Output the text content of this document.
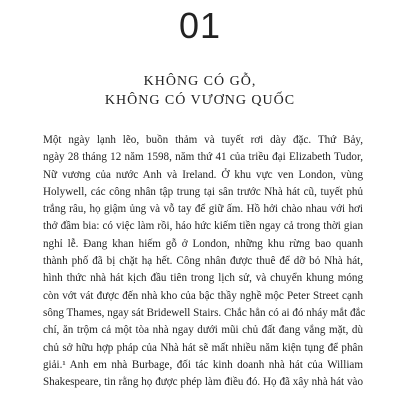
01
KHÔNG CÓ GỖ,
KHÔNG CÓ VƯƠNG QUỐC
Một ngày lạnh lẽo, buồn thảm và tuyết rơi dày đặc. Thứ Bảy,
ngày 28 tháng 12 năm 1598, năm thứ 41 của triều đại Elizabeth Tudor,
Nữ vương của nước Anh và Ireland. Ở khu vực ven London, vùng
Holywell, các công nhân tập trung tại sân trước Nhà hát cũ, tuyết phủ
trắng râu, họ giậm ủng và vỗ tay để giữ ấm. Hồ hởi chào nhau với hơi
thở đầm bia: có việc làm rồi, háo hức kiếm tiền ngay cả trong thời gian
nghỉ lễ. Đang khan hiếm gỗ ở London, những khu rừng bao quanh
thành phố đã bị chặt hạ hết. Công nhân được thuê để dỡ bỏ Nhà hát,
hình thức nhà hát kịch đầu tiên trong lịch sử, và chuyển khung móng
còn vớt vát được đến nhà kho của bậc thầy nghề mộc Peter Street cạnh
sông Thames, ngay sát Bridewell Stairs. Chắc hẳn có ai đó nháy mắt đắc
chí, ăn trộm cả một tòa nhà ngay dưới mũi chủ đất đang vắng mặt, dù
chủ sở hữu hợp pháp của Nhà hát sẽ mất nhiều năm kiện tụng để phân
giải.¹ Anh em nhà Burbage, đối tác kinh doanh nhà hát của William
Shakespeare, tin rằng họ được phép làm điều đó. Họ đã xây nhà hát vào
